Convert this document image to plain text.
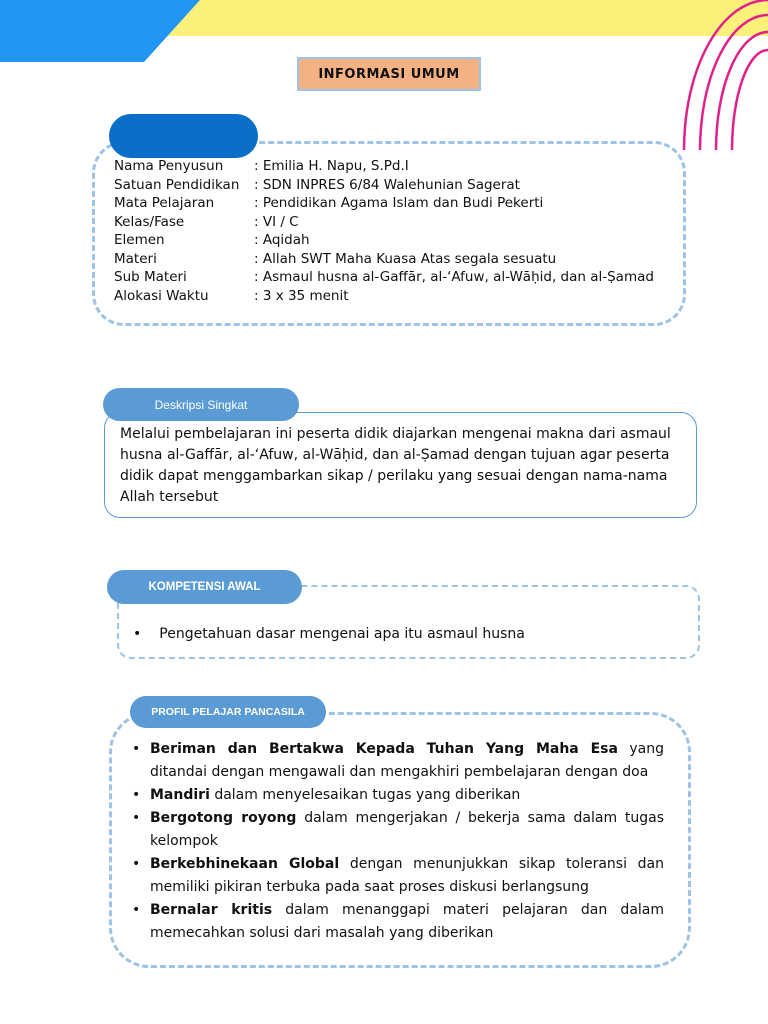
INFORMASI UMUM
Nama Penyusun	: Emilia H. Napu, S.Pd.I
Satuan Pendidikan	: SDN INPRES 6/84 Walehunian Sagerat
Mata Pelajaran	: Pendidikan Agama Islam dan Budi Pekerti
Kelas/Fase	: VI / C
Elemen	: Aqidah
Materi	: Allah SWT Maha Kuasa Atas segala sesuatu
Sub Materi	: Asmaul husna al-Gaffār, al-‘Afuw, al-Wāḥid, dan al-Ṣamad
Alokasi Waktu	: 3 x 35 menit
Deskripsi Singkat
Melalui pembelajaran ini peserta didik diajarkan mengenai makna dari asmaul husna al-Gaffār, al-‘Afuw, al-Wāḥid, dan al-Ṣamad dengan tujuan agar peserta didik dapat menggambarkan sikap / perilaku yang sesuai dengan nama-nama Allah tersebut
KOMPETENSI AWAL
• Pengetahuan dasar mengenai apa itu asmaul husna
PROFIL PELAJAR PANCASILA
• Beriman dan Bertakwa Kepada Tuhan Yang Maha Esa yang ditandai dengan mengawali dan mengakhiri pembelajaran dengan doa
• Mandiri dalam menyelesaikan tugas yang diberikan
• Bergotong royong dalam mengerjakan / bekerja sama dalam tugas kelompok
• Berkebhinekaan Global dengan menunjukkan sikap toleransi dan memiliki pikiran terbuka pada saat proses diskusi berlangsung
• Bernalar kritis dalam menanggapi materi pelajaran dan dalam memecahkan solusi dari masalah yang diberikan
